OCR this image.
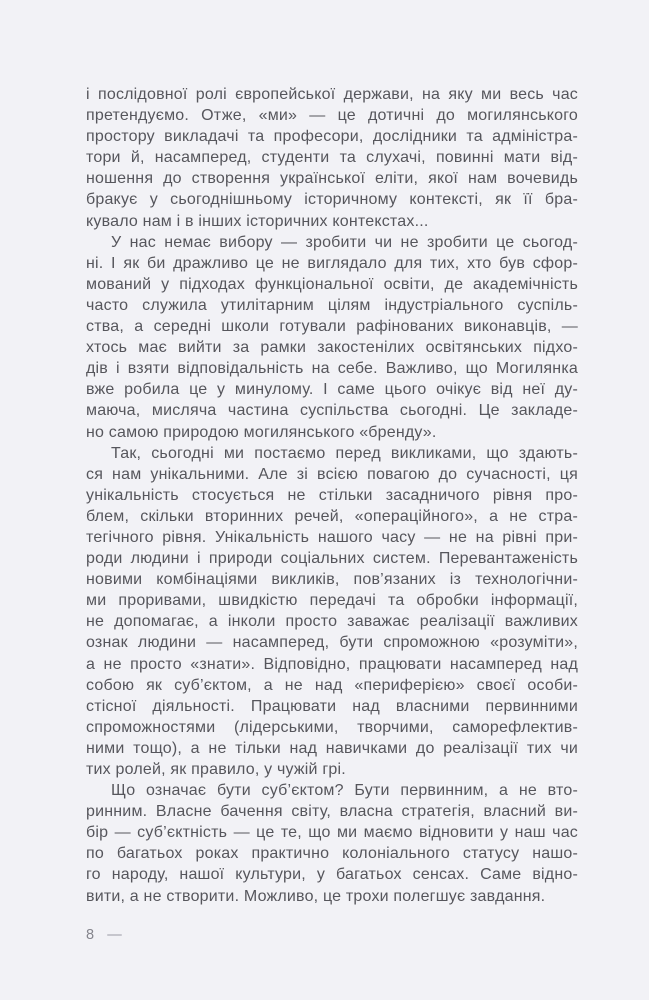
і послідовної ролі європейської держави, на яку ми весь час
претендуємо. Отже, «ми» — це дотичні до могилянського
простору викладачі та професори, дослідники та адміністра-
тори й, насамперед, студенти та слухачі, повинні мати від-
ношення до створення української еліти, якої нам вочевидь
бракує у сьогоднішньому історичному контексті, як її бра-
кувало нам і в інших історичних контекстах...
У нас немає вибору — зробити чи не зробити це сьогод-
ні. І як би дражливо це не виглядало для тих, хто був сфор-
мований у підходах функціональної освіти, де академічність
часто служила утилітарним цілям індустріального суспіль-
ства, а середні школи готували рафінованих виконавців, —
хтось має вийти за рамки закостенілих освітянських підхо-
дів і взяти відповідальність на себе. Важливо, що Могилянка
вже робила це у минулому. І саме цього очікує від неї ду-
маюча, мисляча частина суспільства сьогодні. Це закладе-
но самою природою могилянського «бренду».
Так, сьогодні ми постаємо перед викликами, що здають-
ся нам унікальними. Але зі всією повагою до сучасності, ця
унікальність стосується не стільки засадничого рівня про-
блем, скільки вторинних речей, «операційного», а не стра-
тегічного рівня. Унікальність нашого часу — не на рівні при-
роди людини і природи соціальних систем. Перевантаженість
новими комбінаціями викликів, пов’язаних із технологічни-
ми проривами, швидкістю передачі та обробки інформації,
не допомагає, а інколи просто заважає реалізації важливих
ознак людини — насамперед, бути спроможною «розуміти»,
а не просто «знати». Відповідно, працювати насамперед над
собою як суб’єктом, а не над «периферією» своєї особи-
стісної діяльності. Працювати над власними первинними
спроможностями (лідерськими, творчими, саморефлектив-
ними тощо), а не тільки над навичками до реалізації тих чи
тих ролей, як правило, у чужій грі.
Що означає бути суб’єктом? Бути первинним, а не вто-
ринним. Власне бачення світу, власна стратегія, власний ви-
бір — суб’єктність — це те, що ми маємо відновити у наш час
по багатьох роках практично колоніального статусу нашо-
го народу, нашої культури, у багатьох сенсах. Саме відно-
вити, а не створити. Можливо, це трохи полегшує завдання.
8
